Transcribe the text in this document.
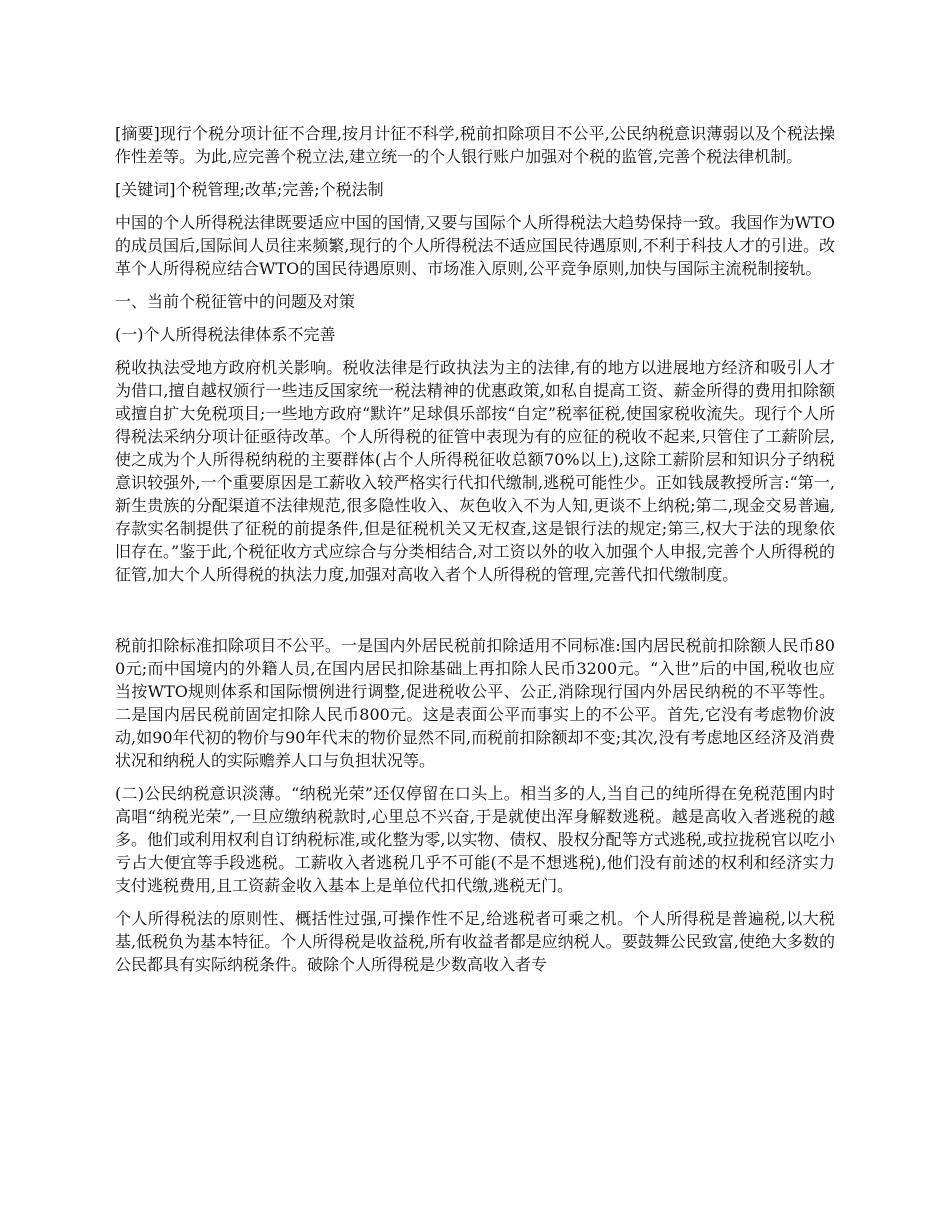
[摘要]现行个税分项计征不合理,按月计征不科学,税前扣除项目不公平,公民纳税意识薄弱以及个税法操作性差等。为此,应完善个税立法,建立统一的个人银行账户加强对个税的监管,完善个税法律机制。

[关键词]个税管理;改革;完善;个税法制

中国的个人所得税法律既要适应中国的国情,又要与国际个人所得税法大趋势保持一致。我国作为WTO的成员国后,国际间人员往来频繁,现行的个人所得税法不适应国民待遇原则,不利于科技人才的引进。改革个人所得税应结合WTO的国民待遇原则、市场准入原则,公平竞争原则,加快与国际主流税制接轨。

一、当前个税征管中的问题及对策

(一)个人所得税法律体系不完善

税收执法受地方政府机关影响。税收法律是行政执法为主的法律,有的地方以进展地方经济和吸引人才为借口,擅自越权颁行一些违反国家统一税法精神的优惠政策,如私自提高工资、薪金所得的费用扣除额或擅自扩大免税项目;一些地方政府“默许”足球俱乐部按“自定”税率征税,使国家税收流失。现行个人所得税法采纳分项计征亟待改革。个人所得税的征管中表现为有的应征的税收不起来,只管住了工薪阶层,使之成为个人所得税纳税的主要群体(占个人所得税征收总额70%以上),这除工薪阶层和知识分子纳税意识较强外,一个重要原因是工薪收入较严格实行代扣代缴制,逃税可能性少。正如钱晟教授所言:“第一,新生贵族的分配渠道不法律规范,很多隐性收入、灰色收入不为人知,更谈不上纳税;第二,现金交易普遍,存款实名制提供了征税的前提条件,但是征税机关又无权查,这是银行法的规定;第三,权大于法的现象依旧存在。”鉴于此,个税征收方式应综合与分类相结合,对工资以外的收入加强个人申报,完善个人所得税的征管,加大个人所得税的执法力度,加强对高收入者个人所得税的管理,完善代扣代缴制度。

税前扣除标准扣除项目不公平。一是国内外居民税前扣除适用不同标准:国内居民税前扣除额人民币800元;而中国境内的外籍人员,在国内居民扣除基础上再扣除人民币3200元。“入世”后的中国,税收也应当按WTO规则体系和国际惯例进行调整,促进税收公平、公正,消除现行国内外居民纳税的不平等性。二是国内居民税前固定扣除人民币800元。这是表面公平而事实上的不公平。首先,它没有考虑物价波动,如90年代初的物价与90年代末的物价显然不同,而税前扣除额却不变;其次,没有考虑地区经济及消费状况和纳税人的实际赡养人口与负担状况等。

(二)公民纳税意识淡薄。“纳税光荣”还仅停留在口头上。相当多的人,当自己的纯所得在免税范围内时高唱“纳税光荣”,一旦应缴纳税款时,心里总不兴奋,于是就使出浑身解数逃税。越是高收入者逃税的越多。他们或利用权利自订纳税标准,或化整为零,以实物、债权、股权分配等方式逃税,或拉拢税官以吃小亏占大便宜等手段逃税。工薪收入者逃税几乎不可能(不是不想逃税),他们没有前述的权利和经济实力支付逃税费用,且工资薪金收入基本上是单位代扣代缴,逃税无门。

个人所得税法的原则性、概括性过强,可操作性不足,给逃税者可乘之机。个人所得税是普遍税,以大税基,低税负为基本特征。个人所得税是收益税,所有收益者都是应纳税人。要鼓舞公民致富,使绝大多数的公民都具有实际纳税条件。破除个人所得税是少数高收入者专
